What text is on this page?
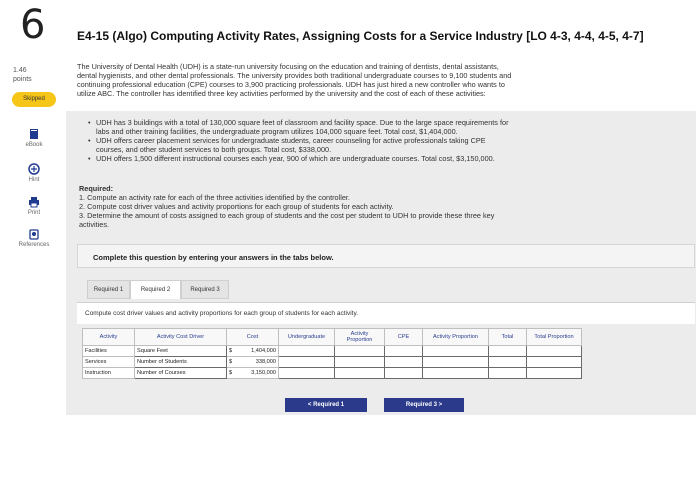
6
1.46
points
Skipped
eBook
Hint
Print
References
E4-15 (Algo) Computing Activity Rates, Assigning Costs for a Service Industry [LO 4-3, 4-4, 4-5, 4-7]
The University of Dental Health (UDH) is a state-run university focusing on the education and training of dentists, dental assistants,
dental hygienists, and other dental professionals. The university provides both traditional undergraduate courses to 9,100 students and
continuing professional education (CPE) courses to 3,900 practicing professionals. UDH has just hired a new controller who wants to
utilize ABC. The controller has identified three key activities performed by the university and the cost of each of these activities:
• UDH has 3 buildings with a total of 130,000 square feet of classroom and facility space. Due to the large space requirements for
labs and other training facilities, the undergraduate program utilizes 104,000 square feet. Total cost, $1,404,000.
• UDH offers career placement services for undergraduate students, career counseling for active professionals taking CPE
courses, and other student services to both groups. Total cost, $338,000.
• UDH offers 1,500 different instructional courses each year, 900 of which are undergraduate courses. Total cost, $3,150,000.
Required:
1. Compute an activity rate for each of the three activities identified by the controller.
2. Compute cost driver values and activity proportions for each group of students for each activity.
3. Determine the amount of costs assigned to each group of students and the cost per student to UDH to provide these three key
activities.
Complete this question by entering your answers in the tabs below.
Required 1	Required 2	Required 3
Compute cost driver values and activity proportions for each group of students for each activity.
Activity	Activity Cost Driver	Cost	Undergraduate	Activity Proportion	CPE	Activity Proportion	Total	Total Proportion
Facilities	Square Feet	$ 1,404,000						
Services	Number of Students	$ 338,000						
Instruction	Number of Courses	$ 3,150,000						
< Required 1	Required 3 >
